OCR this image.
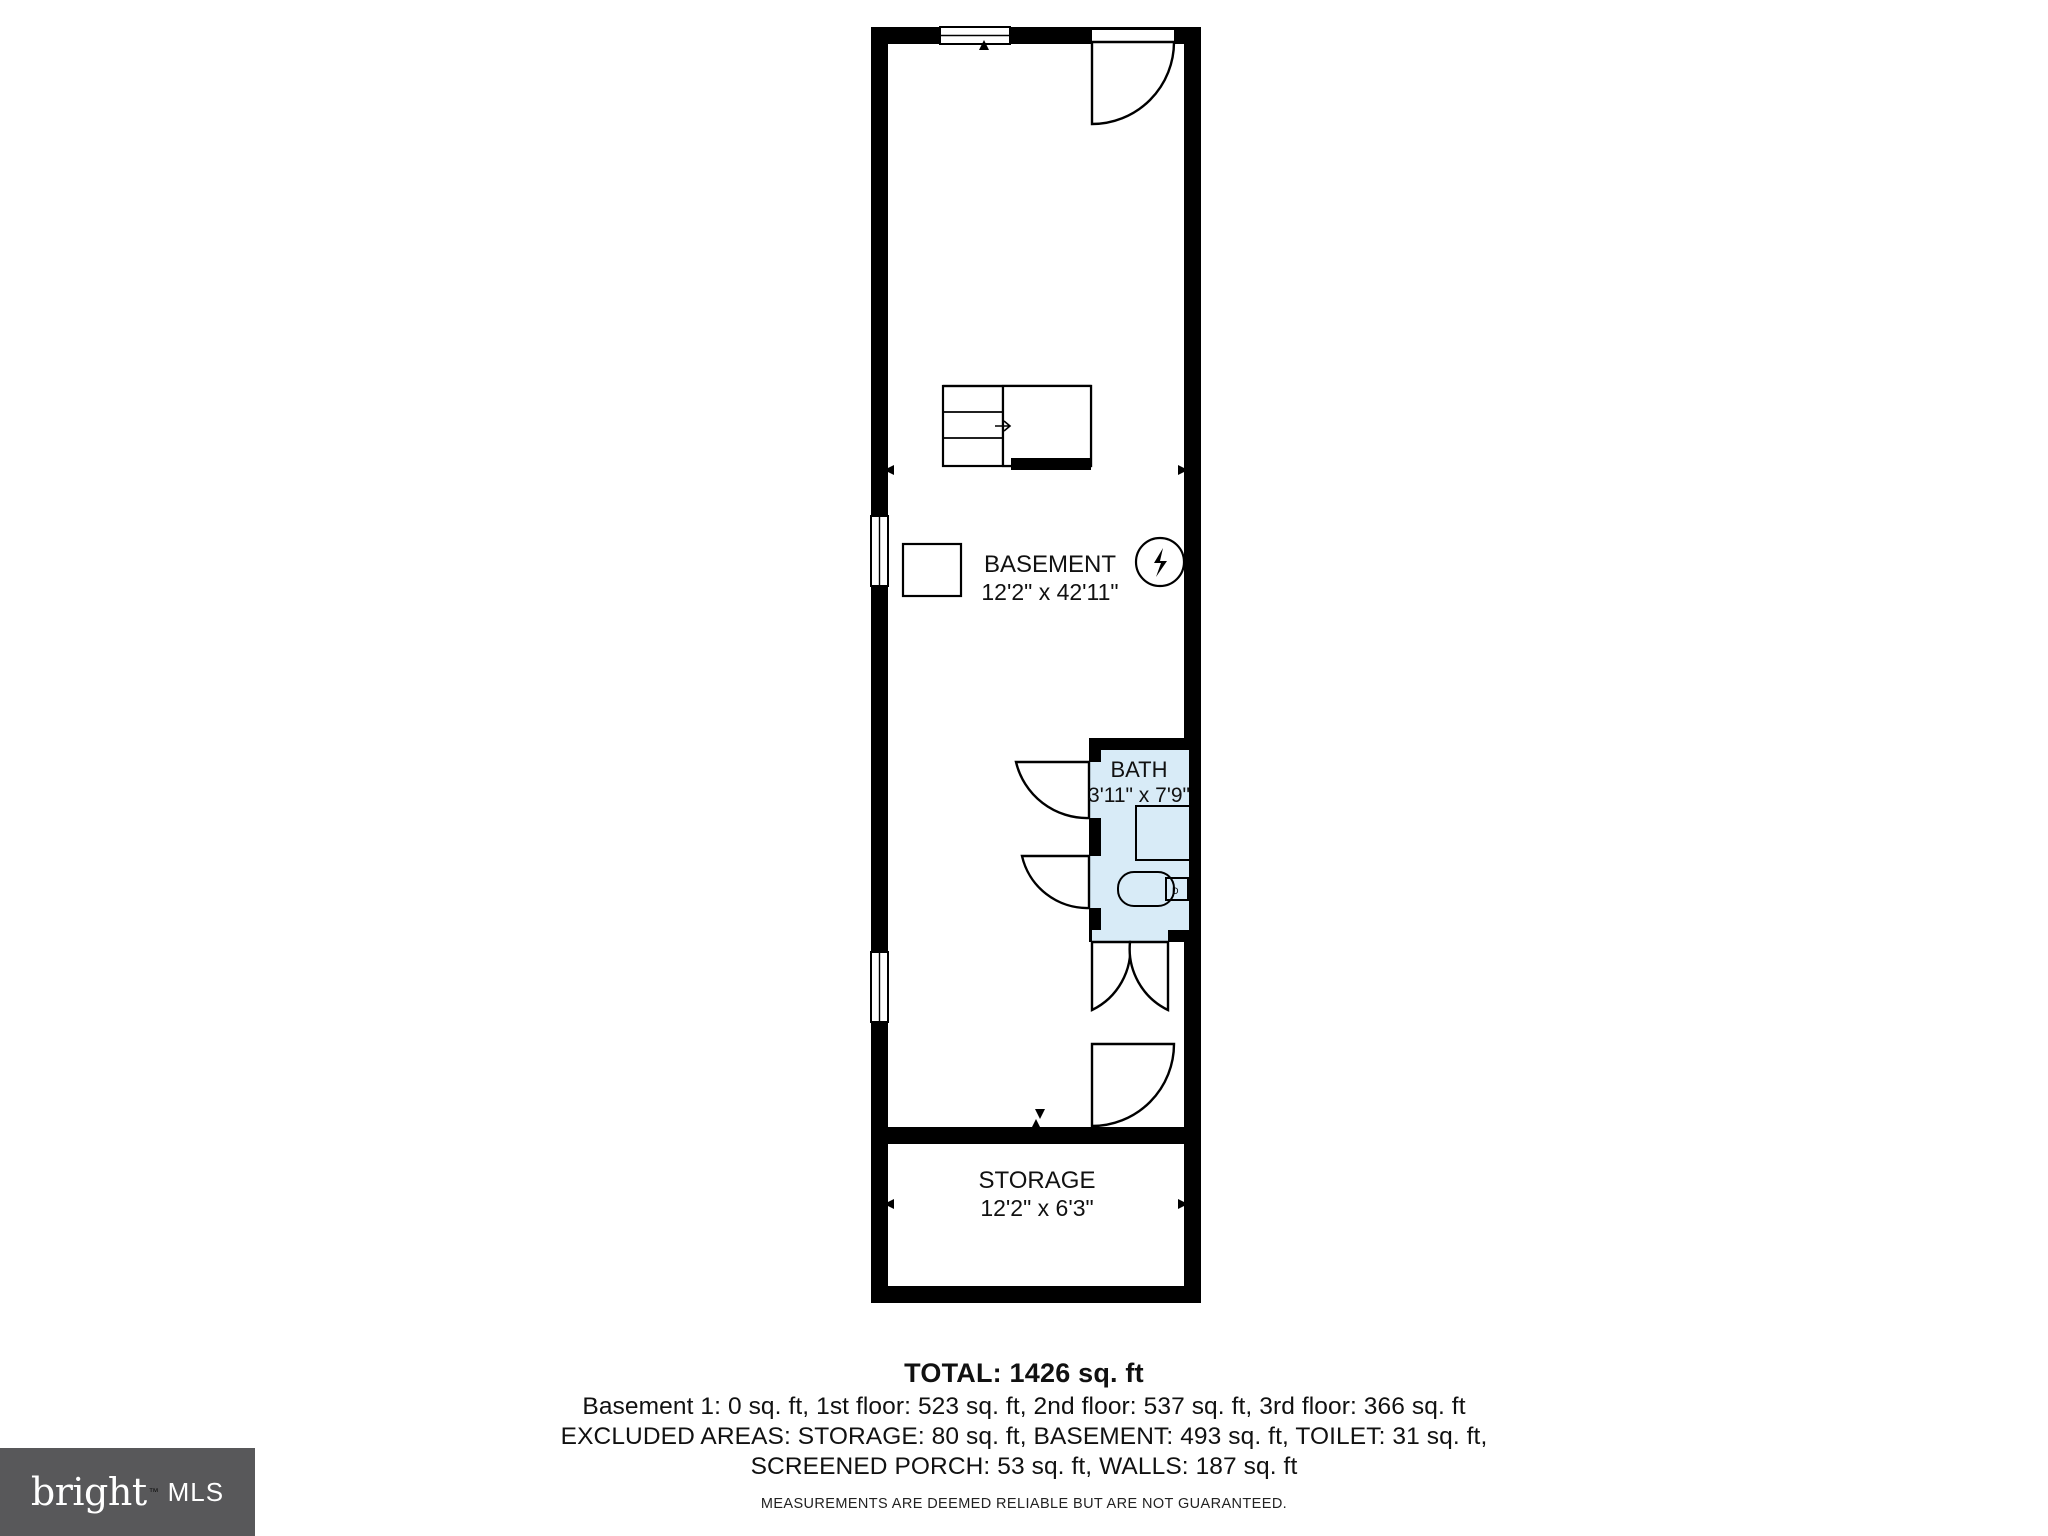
D
BASEMENT
12'2" x 42'11"
BATH
3'11" x 7'9"
STORAGE
12'2" x 6'3"
TOTAL: 1426 sq. ft
Basement 1: 0 sq. ft, 1st floor: 523 sq. ft, 2nd floor: 537 sq. ft, 3rd floor: 366 sq. ft
EXCLUDED AREAS: STORAGE: 80 sq. ft, BASEMENT: 493 sq. ft, TOILET: 31 sq. ft,
SCREENED PORCH: 53 sq. ft, WALLS: 187 sq. ft
MEASUREMENTS ARE DEEMED RELIABLE BUT ARE NOT GUARANTEED.
bright ™ MLS
